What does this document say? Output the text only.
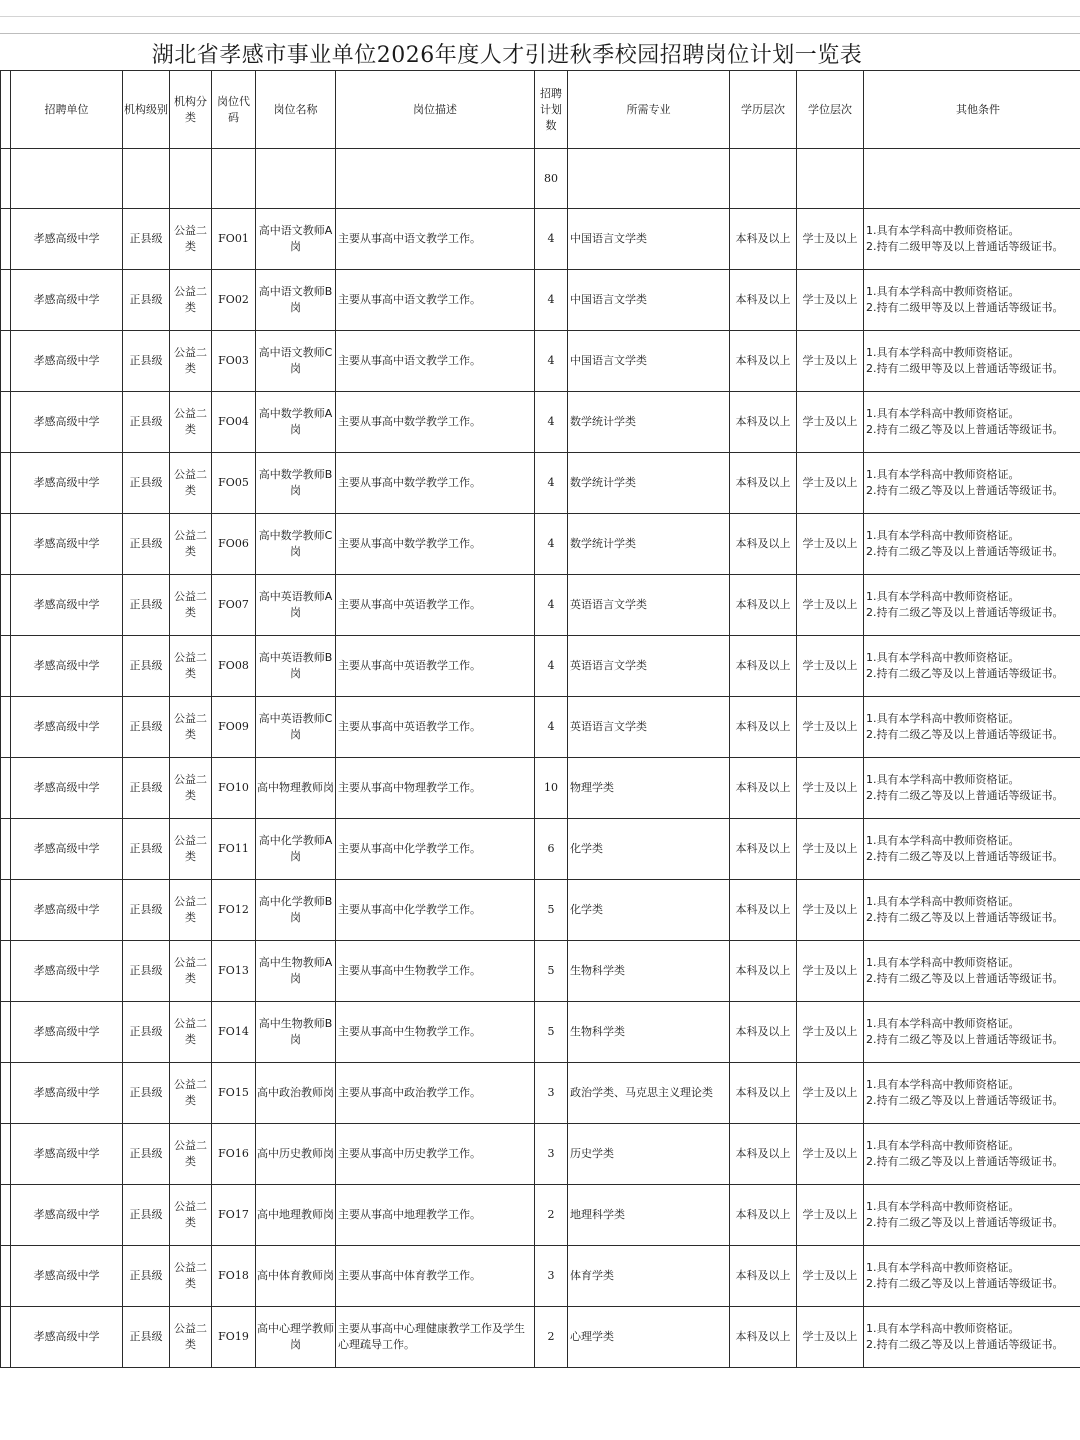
湖北省孝感市事业单位2026年度人才引进秋季校园招聘岗位计划一览表
	招聘单位	机构级别	机构分类	岗位代码	岗位名称	岗位描述	招聘计划数	所需专业	学历层次	学位层次	其他条件
							80				
	孝感高级中学	正县级	公益二类	FO01	高中语文教师A岗	主要从事高中语文教学工作。	4	中国语言文学类	本科及以上	学士及以上	1.具有本学科高中教师资格证。
2.持有二级甲等及以上普通话等级证书。

	孝感高级中学	正县级	公益二类	FO02	高中语文教师B岗	主要从事高中语文教学工作。	4	中国语言文学类	本科及以上	学士及以上	1.具有本学科高中教师资格证。
2.持有二级甲等及以上普通话等级证书。

	孝感高级中学	正县级	公益二类	FO03	高中语文教师C岗	主要从事高中语文教学工作。	4	中国语言文学类	本科及以上	学士及以上	1.具有本学科高中教师资格证。
2.持有二级甲等及以上普通话等级证书。

	孝感高级中学	正县级	公益二类	FO04	高中数学教师A岗	主要从事高中数学教学工作。	4	数学统计学类	本科及以上	学士及以上	1.具有本学科高中教师资格证。
2.持有二级乙等及以上普通话等级证书。

	孝感高级中学	正县级	公益二类	FO05	高中数学教师B岗	主要从事高中数学教学工作。	4	数学统计学类	本科及以上	学士及以上	1.具有本学科高中教师资格证。
2.持有二级乙等及以上普通话等级证书。

	孝感高级中学	正县级	公益二类	FO06	高中数学教师C岗	主要从事高中数学教学工作。	4	数学统计学类	本科及以上	学士及以上	1.具有本学科高中教师资格证。
2.持有二级乙等及以上普通话等级证书。

	孝感高级中学	正县级	公益二类	FO07	高中英语教师A岗	主要从事高中英语教学工作。	4	英语语言文学类	本科及以上	学士及以上	1.具有本学科高中教师资格证。
2.持有二级乙等及以上普通话等级证书。

	孝感高级中学	正县级	公益二类	FO08	高中英语教师B岗	主要从事高中英语教学工作。	4	英语语言文学类	本科及以上	学士及以上	1.具有本学科高中教师资格证。
2.持有二级乙等及以上普通话等级证书。

	孝感高级中学	正县级	公益二类	FO09	高中英语教师C岗	主要从事高中英语教学工作。	4	英语语言文学类	本科及以上	学士及以上	1.具有本学科高中教师资格证。
2.持有二级乙等及以上普通话等级证书。

	孝感高级中学	正县级	公益二类	FO10	高中物理教师岗	主要从事高中物理教学工作。	10	物理学类	本科及以上	学士及以上	1.具有本学科高中教师资格证。
2.持有二级乙等及以上普通话等级证书。

	孝感高级中学	正县级	公益二类	FO11	高中化学教师A岗	主要从事高中化学教学工作。	6	化学类	本科及以上	学士及以上	1.具有本学科高中教师资格证。
2.持有二级乙等及以上普通话等级证书。

	孝感高级中学	正县级	公益二类	FO12	高中化学教师B岗	主要从事高中化学教学工作。	5	化学类	本科及以上	学士及以上	1.具有本学科高中教师资格证。
2.持有二级乙等及以上普通话等级证书。

	孝感高级中学	正县级	公益二类	FO13	高中生物教师A岗	主要从事高中生物教学工作。	5	生物科学类	本科及以上	学士及以上	1.具有本学科高中教师资格证。
2.持有二级乙等及以上普通话等级证书。

	孝感高级中学	正县级	公益二类	FO14	高中生物教师B岗	主要从事高中生物教学工作。	5	生物科学类	本科及以上	学士及以上	1.具有本学科高中教师资格证。
2.持有二级乙等及以上普通话等级证书。

	孝感高级中学	正县级	公益二类	FO15	高中政治教师岗	主要从事高中政治教学工作。	3	政治学类、马克思主义理论类	本科及以上	学士及以上	1.具有本学科高中教师资格证。
2.持有二级乙等及以上普通话等级证书。

	孝感高级中学	正县级	公益二类	FO16	高中历史教师岗	主要从事高中历史教学工作。	3	历史学类	本科及以上	学士及以上	1.具有本学科高中教师资格证。
2.持有二级乙等及以上普通话等级证书。

	孝感高级中学	正县级	公益二类	FO17	高中地理教师岗	主要从事高中地理教学工作。	2	地理科学类	本科及以上	学士及以上	1.具有本学科高中教师资格证。
2.持有二级乙等及以上普通话等级证书。

	孝感高级中学	正县级	公益二类	FO18	高中体育教师岗	主要从事高中体育教学工作。	3	体育学类	本科及以上	学士及以上	1.具有本学科高中教师资格证。
2.持有二级乙等及以上普通话等级证书。

	孝感高级中学	正县级	公益二类	FO19	高中心理学教师岗	主要从事高中心理健康教学工作及学生心理疏导工作。	2	心理学类	本科及以上	学士及以上	1.具有本学科高中教师资格证。
2.持有二级乙等及以上普通话等级证书。
